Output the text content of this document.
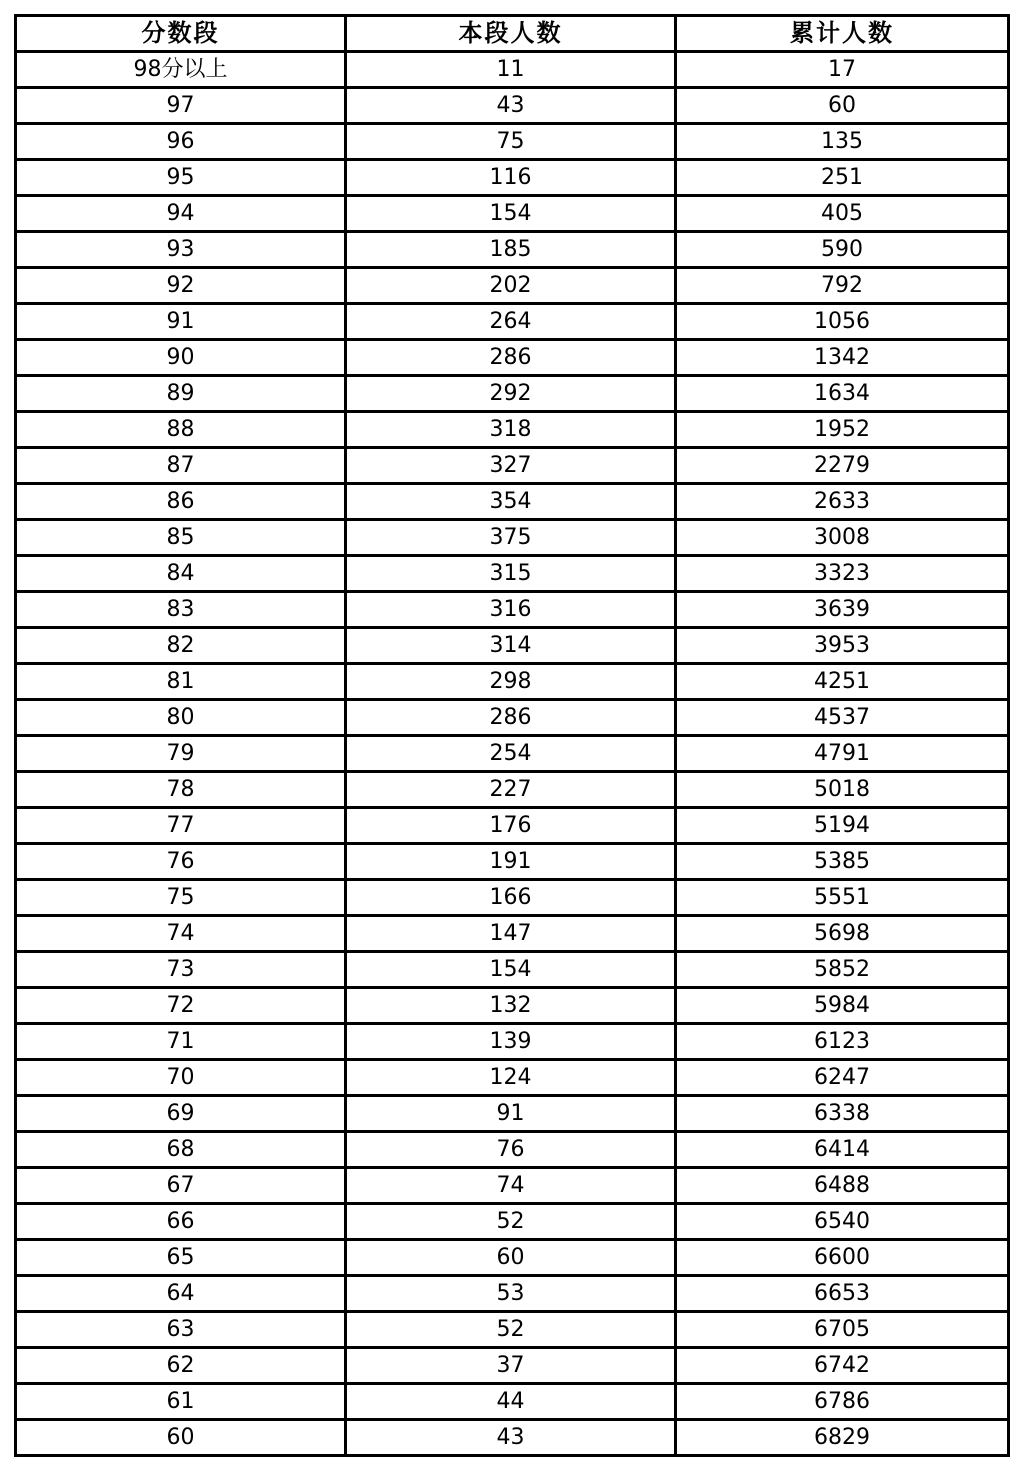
分数段	本段人数	累计人数
98分以上	11	17
97	43	60
96	75	135
95	116	251
94	154	405
93	185	590
92	202	792
91	264	1056
90	286	1342
89	292	1634
88	318	1952
87	327	2279
86	354	2633
85	375	3008
84	315	3323
83	316	3639
82	314	3953
81	298	4251
80	286	4537
79	254	4791
78	227	5018
77	176	5194
76	191	5385
75	166	5551
74	147	5698
73	154	5852
72	132	5984
71	139	6123
70	124	6247
69	91	6338
68	76	6414
67	74	6488
66	52	6540
65	60	6600
64	53	6653
63	52	6705
62	37	6742
61	44	6786
60	43	6829
